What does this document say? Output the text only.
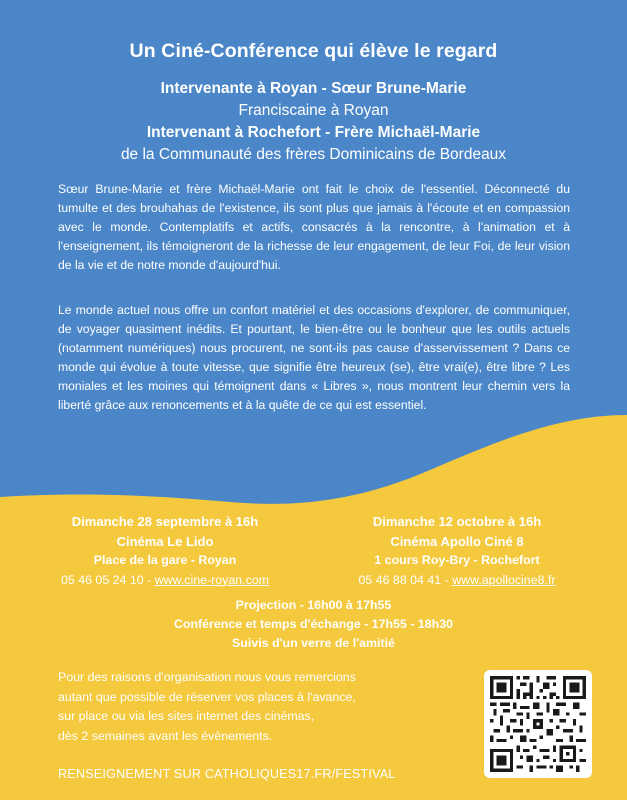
Un Ciné-Conférence qui élève le regard
Intervenante à Royan - Sœur Brune-Marie
Franciscaine à Royan
Intervenant à Rochefort - Frère Michaël-Marie
de la Communauté des frères Dominicains de Bordeaux

Sœur Brune-Marie et frère Michaël-Marie ont fait le choix de l'essentiel. Déconnecté du tumulte et des brouhahas de l'existence, ils sont plus que jamais à l'écoute et en compassion avec le monde. Contemplatifs et actifs, consacrés à la rencontre, à l'animation et à l'enseignement, ils témoigneront de la richesse de leur engagement, de leur Foi, de leur vision de la vie et de notre monde d'aujourd'hui.

Le monde actuel nous offre un confort matériel et des occasions d'explorer, de communiquer, de voyager quasiment inédits. Et pourtant, le bien-être ou le bonheur que les outils actuels (notamment numériques) nous procurent, ne sont-ils pas cause d'asservissement ? Dans ce monde qui évolue à toute vitesse, que signifie être heureux (se), être vrai(e), être libre ? Les moniales et les moines qui témoignent dans « Libres », nous montrent leur chemin vers la liberté grâce aux renoncements et à la quête de ce qui est essentiel.

Dimanche 28 septembre à 16h
Cinéma Le Lido
Place de la gare - Royan
05 46 05 24 10 - www.cine-royan.com
Dimanche 12 octobre à 16h
Cinéma Apollo Ciné 8
1 cours Roy-Bry - Rochefort
05 46 88 04 41 - www.apollocine8.fr
Projection - 16h00 à 17h55
Conférence et temps d'échange - 17h55 - 18h30
Suivis d'un verre de l'amitié
Pour des raisons d'organisation nous vous remercions
autant que possible de réserver vos places à l'avance,
sur place ou via les sites internet des cinémas,
dès 2 semaines avant les évènements.
RENSEIGNEMENT SUR CATHOLIQUES17.FR/FESTIVAL
